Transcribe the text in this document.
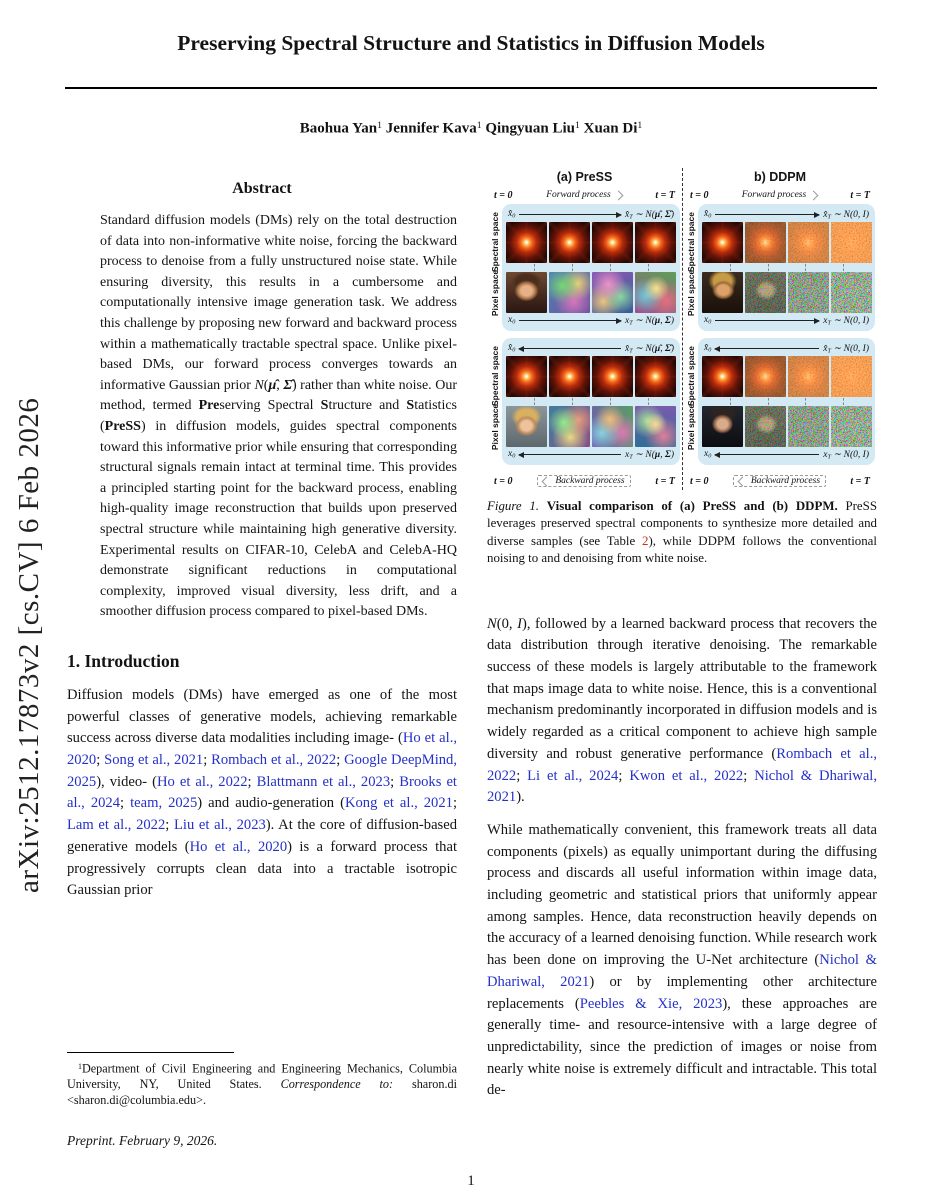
arXiv:2512.17873v2 [cs.CV] 6 Feb 2026
Preserving Spectral Structure and Statistics in Diffusion Models
Baohua Yan$^1$ Jennifer Kava$^1$ Qingyuan Liu$^1$ Xuan Di$^1$
Abstract

Standard diffusion models (DMs) rely on the total destruction of data into non-informative white noise, forcing the backward process to denoise from a fully unstructured noise state. While ensuring diversity, this results in a cumbersome and computationally intensive image generation task. We address this challenge by proposing new forward and backward process within a mathematically tractable spectral space. Unlike pixel-based DMs, our forward process converges towards an informative Gaussian prior N(μ̂, Σ̂) rather than white noise. Our method, termed Preserving Spectral Structure and Statistics (PreSS) in diffusion models, guides spectral components toward this informative prior while ensuring that corresponding structural signals remain intact at terminal time. This provides a principled starting point for the backward process, enabling high-quality image reconstruction that builds upon preserved spectral structure while maintaining high generative diversity. Experimental results on CIFAR-10, CelebA and CelebA-HQ demonstrate significant reductions in computational complexity, improved visual diversity, less drift, and a smoother diffusion process compared to pixel-based DMs.

1. Introduction

Diffusion models (DMs) have emerged as one of the most powerful classes of generative models, achieving remarkable success across diverse data modalities including image- (Ho et al., 2020; Song et al., 2021; Rombach et al., 2022; Google DeepMind, 2025), video- (Ho et al., 2022; Blattmann et al., 2023; Brooks et al., 2024; team, 2025) and audio-generation (Kong et al., 2021; Lam et al., 2022; Liu et al., 2023). At the core of diffusion-based generative models (Ho et al., 2020) is a forward process that progressively corrupts clean data into a tractable isotropic Gaussian prior

$^1$Department of Civil Engineering and Engineering Mechanics, Columbia University, NY, United States. Correspondence to: sharon.di <sharon.di@columbia.edu>.

Preprint. February 9, 2026.

(a) PreSS
t = 0	Forward process	t = T
Spectral space
Pixel space
x̂0	x̂T ∼ N(μ̂, Σ̂)
x0	xT ∼ N(μ, Σ)
Spectral space
Pixel space
x̂0	x̂T ∼ N(μ̂, Σ̂)
x0	xT ∼ N(μ, Σ)
t = 0	Backward process	t = T
b) DDPM
t = 0	Forward process	t = T
Spectral space
Pixel space
x̂0	x̂T ∼ N(0, I)
x0	xT ∼ N(0, I)
Spectral space
Pixel space
x̂0	x̂T ∼ N(0, I)
x0	xT ∼ N(0, I)
t = 0	Backward process	t = T

Figure 1. Visual comparison of (a) PreSS and (b) DDPM. PreSS leverages preserved spectral components to synthesize more detailed and diverse samples (see Table 2), while DDPM follows the conventional noising to and denoising from white noise.

N(0, I), followed by a learned backward process that recovers the data distribution through iterative denoising. The remarkable success of these models is largely attributable to the framework that maps image data to white noise. Hence, this is a conventional mechanism predominantly incorporated in diffusion models and is widely regarded as a critical component to achieve high sample diversity and robust generative performance (Rombach et al., 2022; Li et al., 2024; Kwon et al., 2022; Nichol & Dhariwal, 2021).

While mathematically convenient, this framework treats all data components (pixels) as equally unimportant during the diffusing process and discards all useful information within image data, including geometric and statistical priors that uniformly appear among samples. Hence, data reconstruction heavily depends on the accuracy of a learned denoising function. While research work has been done on improving the U-Net architecture (Nichol & Dhariwal, 2021) or by implementing other architecture replacements (Peebles & Xie, 2023), these approaches are generally time- and resource-intensive with a large degree of unpredictability, since the prediction of images or noise from nearly white noise is extremely difficult and intractable. This total de-

1
